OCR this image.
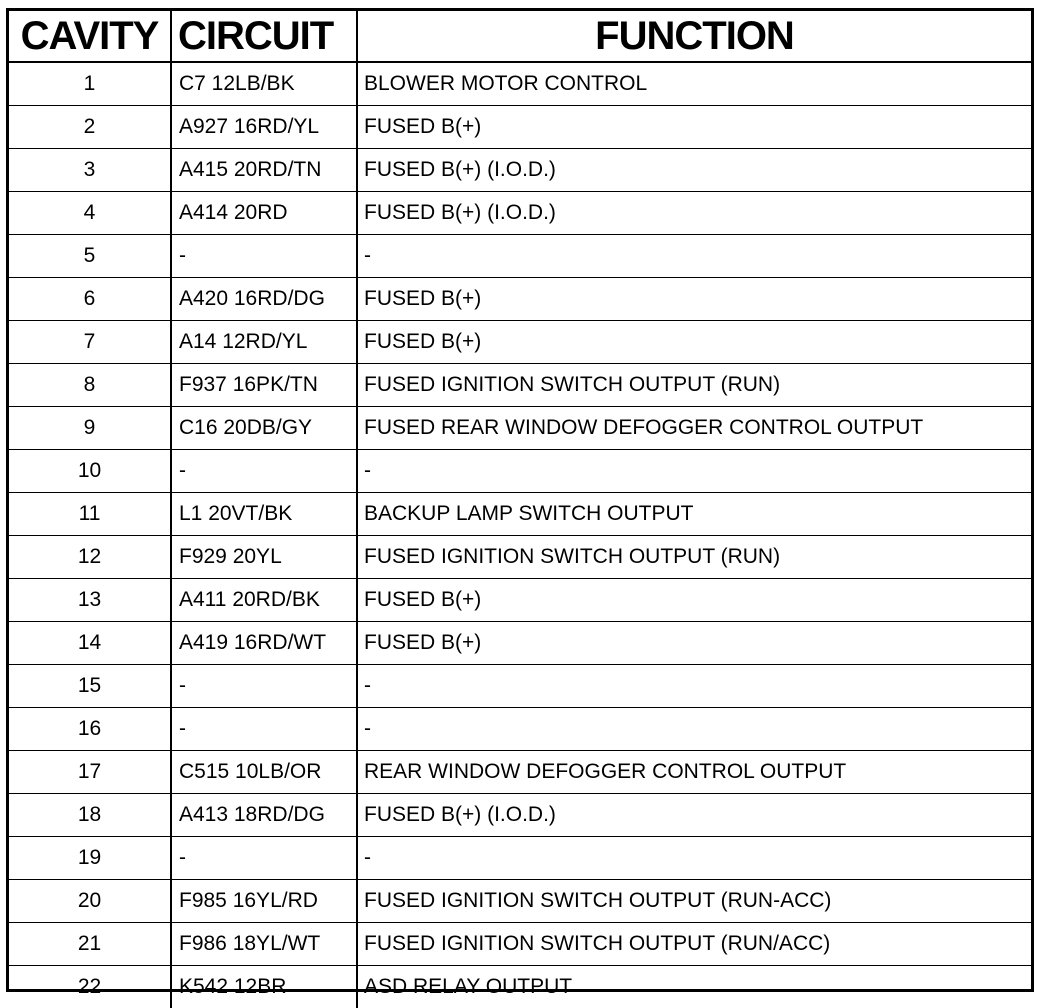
CAVITY	CIRCUIT	FUNCTION
1	C7 12LB/BK	BLOWER MOTOR CONTROL
2	A927 16RD/YL	FUSED B(+)
3	A415 20RD/TN	FUSED B(+) (I.O.D.)
4	A414 20RD	FUSED B(+) (I.O.D.)
5	-	-
6	A420 16RD/DG	FUSED B(+)
7	A14 12RD/YL	FUSED B(+)
8	F937 16PK/TN	FUSED IGNITION SWITCH OUTPUT (RUN)
9	C16 20DB/GY	FUSED REAR WINDOW DEFOGGER CONTROL OUTPUT
10	-	-
11	L1 20VT/BK	BACKUP LAMP SWITCH OUTPUT
12	F929 20YL	FUSED IGNITION SWITCH OUTPUT (RUN)
13	A411 20RD/BK	FUSED B(+)
14	A419 16RD/WT	FUSED B(+)
15	-	-
16	-	-
17	C515 10LB/OR	REAR WINDOW DEFOGGER CONTROL OUTPUT
18	A413 18RD/DG	FUSED B(+) (I.O.D.)
19	-	-
20	F985 16YL/RD	FUSED IGNITION SWITCH OUTPUT (RUN-ACC)
21	F986 18YL/WT	FUSED IGNITION SWITCH OUTPUT (RUN/ACC)
22	K542 12BR	ASD RELAY OUTPUT
